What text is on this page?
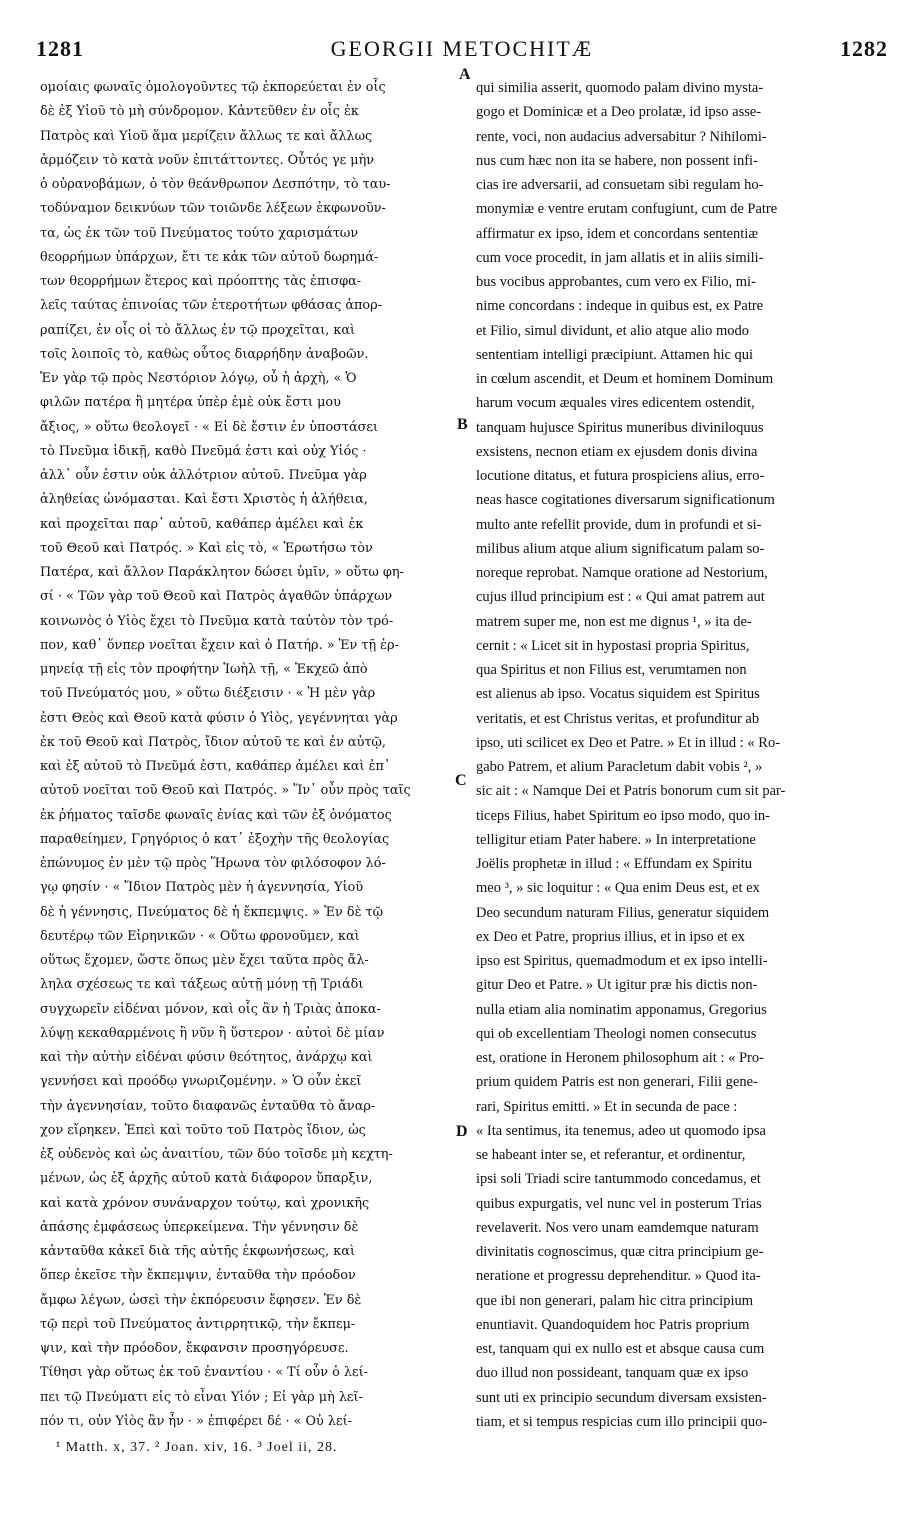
1281	GEORGII METOCHITÆ	1282
ομοίαις φωναῖς ὁμολογοῦντες τῷ ἐκπορεύεται ἐν οἷς
δὲ ἐξ Υἱοῦ τὸ μὴ σύνδρομον. Κἀντεῦθεν ἐν οἷς ἐκ
Πατρὸς καὶ Υἱοῦ ἅμα μερίζειν ἄλλως τε καὶ ἄλλως
ἁρμόζειν τὸ κατὰ νοῦν ἐπιτάττοντες. Οὗτός γε μὴν
ὁ οὐρανοβάμων, ὁ τὸν θεάνθρωπον Δεσπότην, τὸ ταυ-
τοδύναμον δεικνύων τῶν τοιῶνδε λέξεων ἐκφωνοῦν-
τα, ὡς ἐκ τῶν τοῦ Πνεύματος τούτο χαρισμάτων
θεορρήμων ὑπάρχων, ἔτι τε κἀκ τῶν αὐτοῦ δωρημά-
των θεορρήμων ἕτερος καὶ πρόοπτης τὰς ἐπισφα-
λεῖς ταύτας ἐπινοίας τῶν ἑτεροτήτων φθάσας ἀπορ-
ραπίζει, ἐν οἷς οἱ τὸ ἄλλως ἐν τῷ προχεῖται, καὶ
τοῖς λοιποῖς τὸ, καθὼς οὗτος διαρρήδην ἀναβοῶν.
Ἐν γὰρ τῷ πρὸς Νεστόριον λόγῳ, οὗ ἡ ἀρχὴ, « Ὁ
φιλῶν πατέρα ἢ μητέρα ὑπὲρ ἐμὲ οὐκ ἔστι μου
ἄξιος, » οὕτω θεολογεῖ · « Εἰ δὲ ἔστιν ἐν ὑποστάσει
τὸ Πνεῦμα ἰδικῇ, καθὸ Πνεῦμά ἐστι καὶ οὐχ Υἱός ·
ἀλλ᾽ οὖν ἐστιν οὐκ ἀλλότριον αὐτοῦ. Πνεῦμα γὰρ
ἀληθείας ὠνόμασται. Καὶ ἔστι Χριστὸς ἡ ἀλήθεια,
καὶ προχεῖται παρ᾽ αὐτοῦ, καθάπερ ἀμέλει καὶ ἐκ
τοῦ Θεοῦ καὶ Πατρός. » Καὶ εἰς τὸ, « Ἐρωτήσω τὸν
Πατέρα, καὶ ἄλλον Παράκλητον δώσει ὑμῖν, » οὕτω φη-
σί · « Τῶν γὰρ τοῦ Θεοῦ καὶ Πατρὸς ἀγαθῶν ὑπάρχων
κοινωνὸς ὁ Υἱὸς ἔχει τὸ Πνεῦμα κατὰ ταὐτὸν τὸν τρό-
πον, καθ᾽ ὅνπερ νοεῖται ἔχειν καὶ ὁ Πατήρ. » Ἐν τῇ ἑρ-
μηνείᾳ τῇ εἰς τὸν προφήτην Ἰωὴλ τῇ, « Ἐκχεῶ ἀπὸ
τοῦ Πνεύματός μου, » οὕτω διέξεισιν · « Ἡ μὲν γὰρ
ἐστι Θεὸς καὶ Θεοῦ κατὰ φύσιν ὁ Υἱὸς, γεγέννηται γὰρ
ἐκ τοῦ Θεοῦ καὶ Πατρὸς, ἴδιον αὐτοῦ τε καὶ ἐν αὐτῷ,
καὶ ἐξ αὐτοῦ τὸ Πνεῦμά ἐστι, καθάπερ ἀμέλει καὶ ἐπ᾽
αὐτοῦ νοεῖται τοῦ Θεοῦ καὶ Πατρός. » Ἵν᾽ οὖν πρὸς ταῖς
ἐκ ῥήματος ταῖσδε φωναῖς ἐνίας καὶ τῶν ἐξ ὀνόματος
παραθείημεν, Γρηγόριος ὁ κατ᾽ ἐξοχὴν τῆς θεολογίας
ἐπώνυμος ἐν μὲν τῷ πρὸς Ἥρωνα τὸν φιλόσοφον λό-
γῳ φησίν · « Ἴδιον Πατρὸς μὲν ἡ ἀγεννησία, Υἱοῦ
δὲ ἡ γέννησις, Πνεύματος δὲ ἡ ἔκπεμψις. » Ἐν δὲ τῷ
δευτέρῳ τῶν Εἰρηνικῶν · « Οὕτω φρονοῦμεν, καὶ
οὕτως ἔχομεν, ὥστε ὅπως μὲν ἔχει ταῦτα πρὸς ἄλ-
ληλα σχέσεως τε καὶ τάξεως αὐτῇ μόνῃ τῇ Τριάδι
συγχωρεῖν εἰδέναι μόνον, καὶ οἷς ἂν ἡ Τριὰς ἀποκα-
λύψῃ κεκαθαρμένοις ἢ νῦν ἢ ὕστερον · αὐτοὶ δὲ μίαν
καὶ τὴν αὐτὴν εἰδέναι φύσιν θεότητος, ἀνάρχῳ καὶ
γεννήσει καὶ προόδῳ γνωριζομένην. » Ὁ οὖν ἐκεῖ
τὴν ἀγεννησίαν, τοῦτο διαφανῶς ἐνταῦθα τὸ ἄναρ-
χον εἴρηκεν. Ἐπεὶ καὶ τοῦτο τοῦ Πατρὸς ἴδιον, ὡς
ἐξ οὐδενὸς καὶ ὡς ἀναιτίου, τῶν δύο τοῖσδε μὴ κεχτη-
μένων, ὡς ἐξ ἀρχῆς αὐτοῦ κατὰ διάφορον ὕπαρξιν,
καὶ κατὰ χρόνον συνάναρχον τούτῳ, καὶ χρονικῆς
ἁπάσης ἐμφάσεως ὑπερκείμενα. Τὴν γέννησιν δὲ
κἀνταῦθα κἀκεῖ διὰ τῆς αὐτῆς ἐκφωνήσεως, καὶ
ὅπερ ἐκεῖσε τὴν ἔκπεμψιν, ἐνταῦθα τὴν πρόοδον
ἄμφω λέγων, ὡσεὶ τὴν ἐκπόρευσιν ἔφησεν. Ἐν δὲ
τῷ περὶ τοῦ Πνεύματος ἀντιρρητικῷ, τὴν ἔκπεμ-
ψιν, καὶ τὴν πρόοδον, ἔκφανσιν προσηγόρευσε.
Τίθησι γὰρ οὕτως ἐκ τοῦ ἐναντίου · « Τί οὖν ὁ λεί-
πει τῷ Πνεύματι εἰς τὸ εἶναι Υἱόν ; Εἰ γὰρ μὴ λεῖ-
πόν τι, οὐν Υἱὸς ἂν ἦν · » ἐπιφέρει δέ · « Οὐ λεί-
qui similia asserit, quomodo palam divino mysta-
gogo et Dominicæ et a Deo prolatæ, id ipso asse-
rente, voci, non audacius adversabitur ? Nihilomi-
nus cum hæc non ita se habere, non possent infi-
cias ire adversarii, ad consuetam sibi regulam ho-
monymiæ e ventre erutam confugiunt, cum de Patre
affirmatur ex ipso, idem et concordans sententiæ
cum voce procedit, in jam allatis et in aliis simili-
bus vocibus approbantes, cum vero ex Filio, mi-
nime concordans : indeque in quibus est, ex Patre
et Filio, simul dividunt, et alio atque alio modo
sententiam intelligi præcipiunt. Attamen hic qui
in cœlum ascendit, et Deum et hominem Dominum
harum vocum æquales vires edicentem ostendit,
tanquam hujusce Spiritus muneribus diviniloquus
exsistens, necnon etiam ex ejusdem donis divina
locutione ditatus, et futura prospiciens alius, erro-
neas hasce cogitationes diversarum significationum
multo ante refellit provide, dum in profundi et si-
milibus alium atque alium significatum palam so-
noreque reprobat. Namque oratione ad Nestorium,
cujus illud principium est : « Qui amat patrem aut
matrem super me, non est me dignus ¹, » ita de-
cernit : « Licet sit in hypostasi propria Spiritus,
qua Spiritus et non Filius est, verumtamen non
est alienus ab ipso. Vocatus siquidem est Spiritus
veritatis, et est Christus veritas, et profunditur ab
ipso, uti scilicet ex Deo et Patre. » Et in illud : « Ro-
gabo Patrem, et alium Paracletum dabit vobis ², »
sic ait : « Namque Dei et Patris bonorum cum sit par-
ticeps Filius, habet Spiritum eo ipso modo, quo in-
telligitur etiam Pater habere. » In interpretatione
Joëlis prophetæ in illud : « Effundam ex Spiritu
meo ³, » sic loquitur : « Qua enim Deus est, et ex
Deo secundum naturam Filius, generatur siquidem
ex Deo et Patre, proprius illius, et in ipso et ex
ipso est Spiritus, quemadmodum et ex ipso intelli-
gitur Deo et Patre. » Ut igitur præ his dictis non-
nulla etiam alia nominatim apponamus, Gregorius
qui ob excellentiam Theologi nomen consecutus
est, oratione in Heronem philosophum ait : « Pro-
prium quidem Patris est non generari, Filii gene-
rari, Spiritus emitti. » Et in secunda de pace :
« Ita sentimus, ita tenemus, adeo ut quomodo ipsa
se habeant inter se, et referantur, et ordinentur,
ipsi soli Triadi scire tantummodo concedamus, et
quibus expurgatis, vel nunc vel in posterum Trias
revelaverit. Nos vero unam eamdemque naturam
divinitatis cognoscimus, quæ citra principium ge-
neratione et progressu deprehenditur. » Quod ita-
que ibi non generari, palam hic citra principium
enuntiavit. Quandoquidem hoc Patris proprium
est, tanquam qui ex nullo est et absque causa cum
duo illud non possideant, tanquam quæ ex ipso
sunt uti ex principio secundum diversam exsisten-
tiam, et si tempus respicias cum illo principii quo-
A
B
C
D
¹ Matth. x, 37. ² Joan. xiv, 16. ³ Joel ii, 28.
